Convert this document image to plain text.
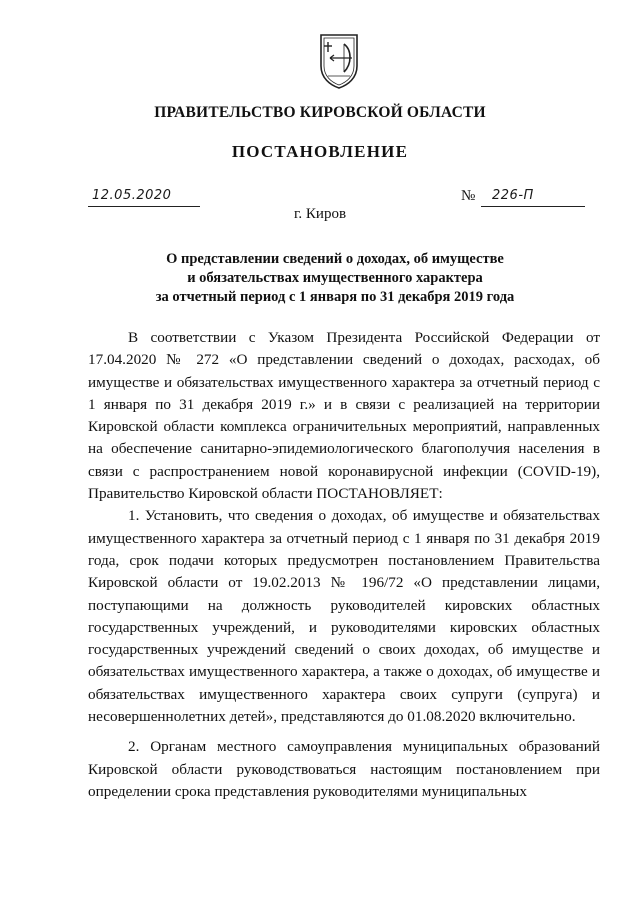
ПРАВИТЕЛЬСТВО КИРОВСКОЙ ОБЛАСТИ
ПОСТАНОВЛЕНИЕ
12.05.2020	№ 226-П
г. Киров
О представлении сведений о доходах, об имуществе
и обязательствах имущественного характера
за отчетный период с 1 января по 31 декабря 2019 года

В соответствии с Указом Президента Российской Федерации от 17.04.2020 № 272 «О представлении сведений о доходах, расходах, об имуществе и обязательствах имущественного характера за отчетный период с 1 января по 31 декабря 2019 г.» и в связи с реализацией на территории Кировской области комплекса ограничительных мероприятий, направленных на обеспечение санитарно-эпидемиологического благополучия населения в связи с распространением новой коронавирусной инфекции (COVID-19), Правительство Кировской области ПОСТАНОВЛЯЕТ:

1. Установить, что сведения о доходах, об имуществе и обязательствах имущественного характера за отчетный период с 1 января по 31 декабря 2019 года, срок подачи которых предусмотрен постановлением Правительства Кировской области от 19.02.2013 № 196/72 «О представлении лицами, поступающими на должность руководителей кировских областных государственных учреждений, и руководителями кировских областных государственных учреждений сведений о своих доходах, об имуществе и обязательствах имущественного характера, а также о доходах, об имуществе и обязательствах имущественного характера своих супруги (супруга) и несовершеннолетних детей», представляются до 01.08.2020 включительно.

2. Органам местного самоуправления муниципальных образований Кировской области руководствоваться настоящим постановлением при определении срока представления руководителями муниципальных
